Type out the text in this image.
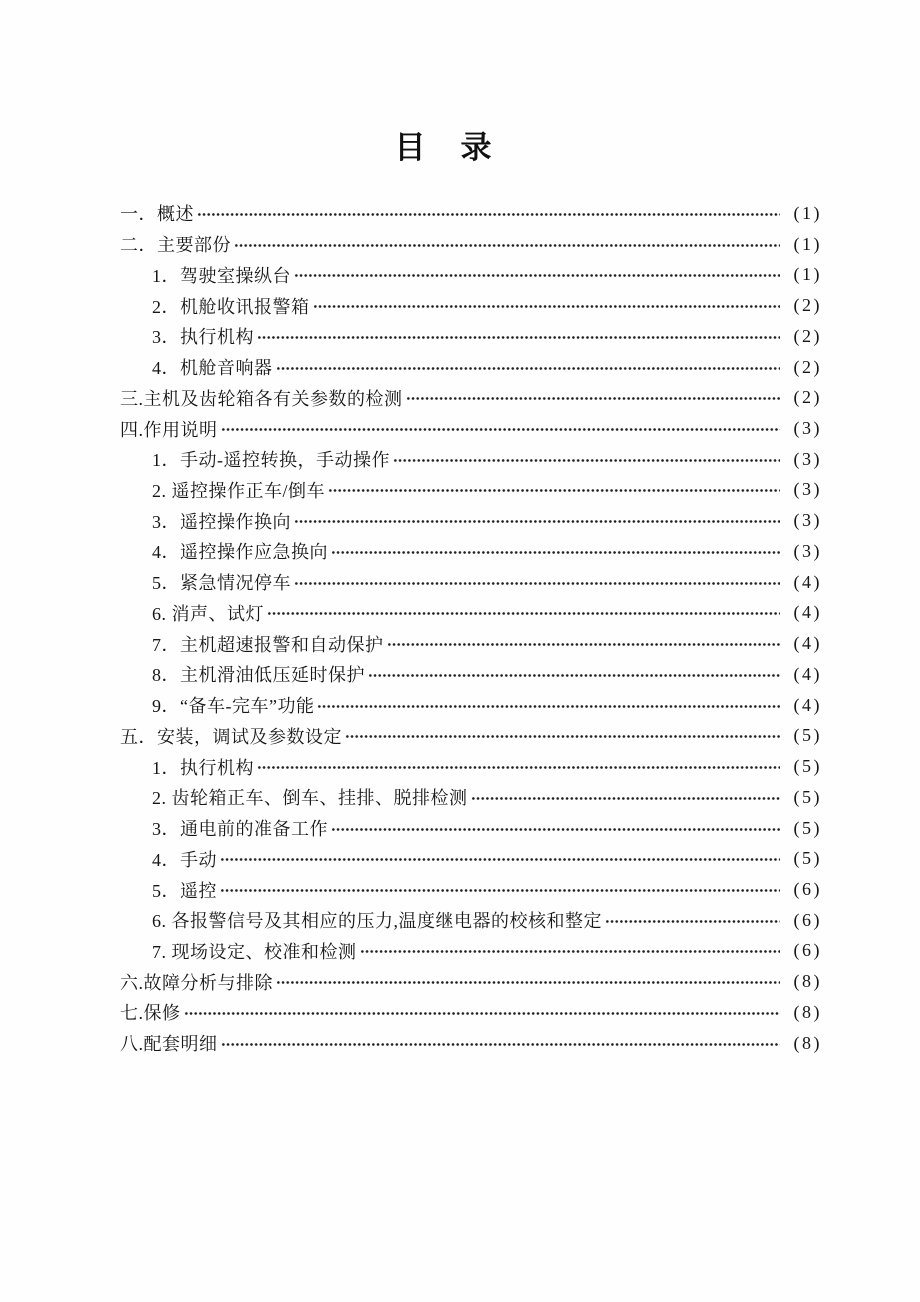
目　录
一．概述	(1)
二．主要部份	(1)
1．驾驶室操纵台	(1)
2．机舱收讯报警箱	(2)
3．执行机构	(2)
4．机舱音响器	(2)
三.主机及齿轮箱各有关参数的检测	(2)
四.作用说明	(3)
1．手动-遥控转换，手动操作	(3)
2. 遥控操作正车/倒车	(3)
3．遥控操作换向	(3)
4．遥控操作应急换向	(3)
5．紧急情况停车	(4)
6. 消声、试灯	(4)
7．主机超速报警和自动保护	(4)
8．主机滑油低压延时保护	(4)
9．“备车-完车”功能	(4)
五．安装，调试及参数设定	(5)
1．执行机构	(5)
2. 齿轮箱正车、倒车、挂排、脱排检测	(5)
3．通电前的准备工作	(5)
4．手动	(5)
5．遥控	(6)
6. 各报警信号及其相应的压力,温度继电器的校核和整定	(6)
7. 现场设定、校准和检测	(6)
六.故障分析与排除	(8)
七.保修	(8)
八.配套明细	(8)
